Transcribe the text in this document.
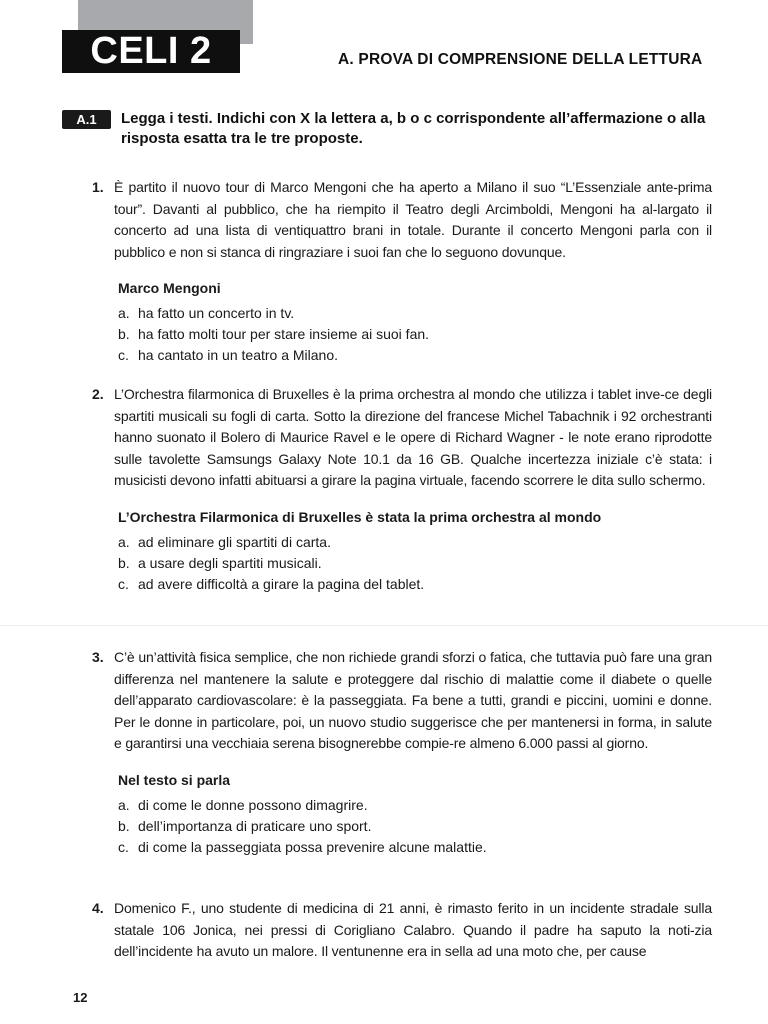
CELI 2	A. PROVA DI COMPRENSIONE DELLA LETTURA
A.1	Legga i testi. Indichi con X la lettera a, b o c corrispondente all’affermazione o alla risposta esatta tra le tre proposte.
1. È partito il nuovo tour di Marco Mengoni che ha aperto a Milano il suo “L’Essenziale ante-prima tour”. Davanti al pubblico, che ha riempito il Teatro degli Arcimboldi, Mengoni ha al-largato il concerto ad una lista di ventiquattro brani in totale. Durante il concerto Mengoni parla con il pubblico e non si stanca di ringraziare i suoi fan che lo seguono dovunque.
Marco Mengoni
a. ha fatto un concerto in tv.
b. ha fatto molti tour per stare insieme ai suoi fan.
c. ha cantato in un teatro a Milano.
2. L’Orchestra filarmonica di Bruxelles è la prima orchestra al mondo che utilizza i tablet inve-ce degli spartiti musicali su fogli di carta. Sotto la direzione del francese Michel Tabachnik i 92 orchestranti hanno suonato il Bolero di Maurice Ravel e le opere di Richard Wagner - le note erano riprodotte sulle tavolette Samsungs Galaxy Note 10.1 da 16 GB. Qualche incertezza iniziale c’è stata: i musicisti devono infatti abituarsi a girare la pagina virtuale, facendo scorrere le dita sullo schermo.
L’Orchestra Filarmonica di Bruxelles è stata la prima orchestra al mondo
a. ad eliminare gli spartiti di carta.
b. a usare degli spartiti musicali.
c. ad avere difficoltà a girare la pagina del tablet.
3. C’è un’attività fisica semplice, che non richiede grandi sforzi o fatica, che tuttavia può fare una gran differenza nel mantenere la salute e proteggere dal rischio di malattie come il diabete o quelle dell’apparato cardiovascolare: è la passeggiata. Fa bene a tutti, grandi e piccini, uomini e donne. Per le donne in particolare, poi, un nuovo studio suggerisce che per mantenersi in forma, in salute e garantirsi una vecchiaia serena bisognerebbe compie-re almeno 6.000 passi al giorno.
Nel testo si parla
a. di come le donne possono dimagrire.
b. dell’importanza di praticare uno sport.
c. di come la passeggiata possa prevenire alcune malattie.
4. Domenico F., uno studente di medicina di 21 anni, è rimasto ferito in un incidente stradale sulla statale 106 Jonica, nei pressi di Corigliano Calabro. Quando il padre ha saputo la noti-zia dell’incidente ha avuto un malore. Il ventunenne era in sella ad una moto che, per cause
12
